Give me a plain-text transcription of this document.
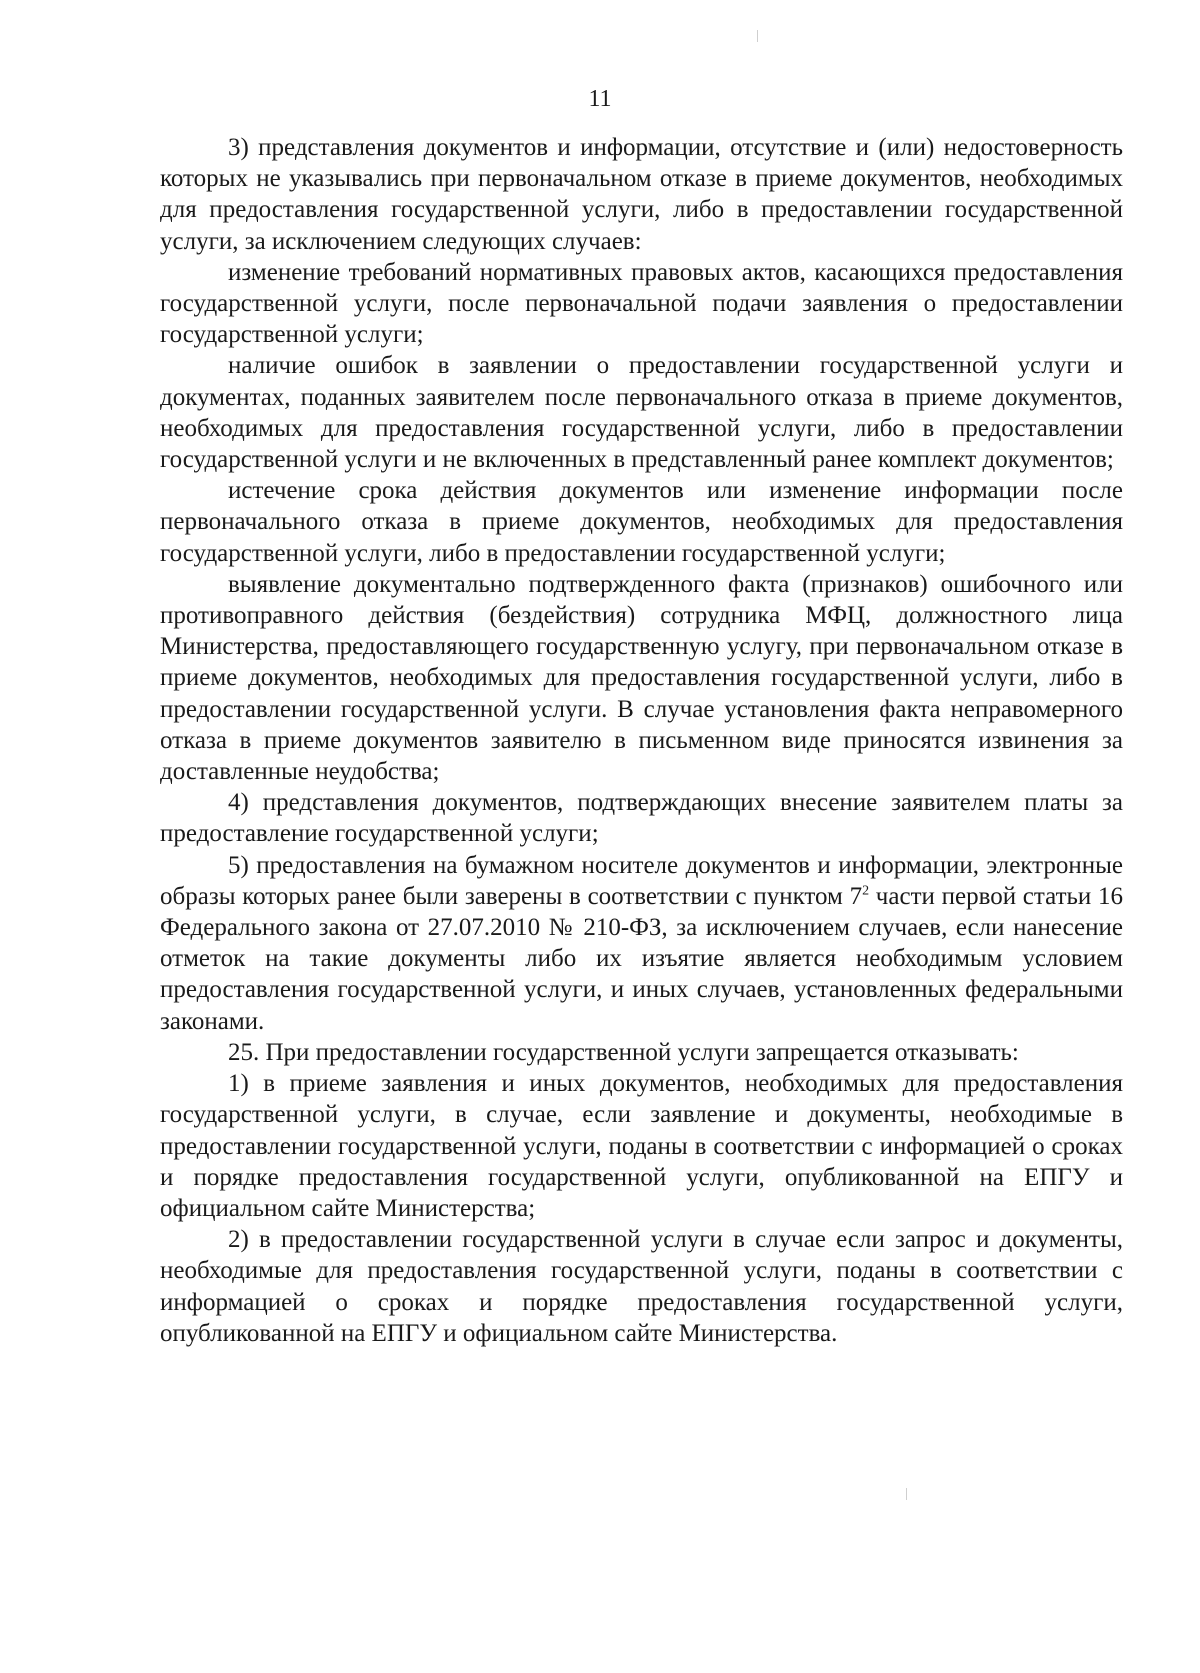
11

3) представления документов и информации, отсутствие и (или) недостоверность которых не указывались при первоначальном отказе в приеме документов, необходимых для предоставления государственной услуги, либо в предоставлении государственной услуги, за исключением следующих случаев:

изменение требований нормативных правовых актов, касающихся предоставления государственной услуги, после первоначальной подачи заявления о предоставлении государственной услуги;

наличие ошибок в заявлении о предоставлении государственной услуги и документах, поданных заявителем после первоначального отказа в приеме документов, необходимых для предоставления государственной услуги, либо в предоставлении государственной услуги и не включенных в представленный ранее комплект документов;

истечение срока действия документов или изменение информации после первоначального отказа в приеме документов, необходимых для предоставления государственной услуги, либо в предоставлении государственной услуги;

выявление документально подтвержденного факта (признаков) ошибочного или противоправного действия (бездействия) сотрудника МФЦ, должностного лица Министерства, предоставляющего государственную услугу, при первоначальном отказе в приеме документов, необходимых для предоставления государственной услуги, либо в предоставлении государственной услуги. В случае установления факта неправомерного отказа в приеме документов заявителю в письменном виде приносятся извинения за доставленные неудобства;

4) представления документов, подтверждающих внесение заявителем платы за предоставление государственной услуги;

5) предоставления на бумажном носителе документов и информации, электронные образы которых ранее были заверены в соответствии с пунктом $7^2$ части первой статьи 16 Федерального закона от 27.07.2010 № 210-ФЗ, за исключением случаев, если нанесение отметок на такие документы либо их изъятие является необходимым условием предоставления государственной услуги, и иных случаев, установленных федеральными законами.

25. При предоставлении государственной услуги запрещается отказывать:

1) в приеме заявления и иных документов, необходимых для предоставления государственной услуги, в случае, если заявление и документы, необходимые в предоставлении государственной услуги, поданы в соответствии с информацией о сроках и порядке предоставления государственной услуги, опубликованной на ЕПГУ и официальном сайте Министерства;

2) в предоставлении государственной услуги в случае если запрос и документы, необходимые для предоставления государственной услуги, поданы в соответствии с информацией о сроках и порядке предоставления государственной услуги, опубликованной на ЕПГУ и официальном сайте Министерства.
